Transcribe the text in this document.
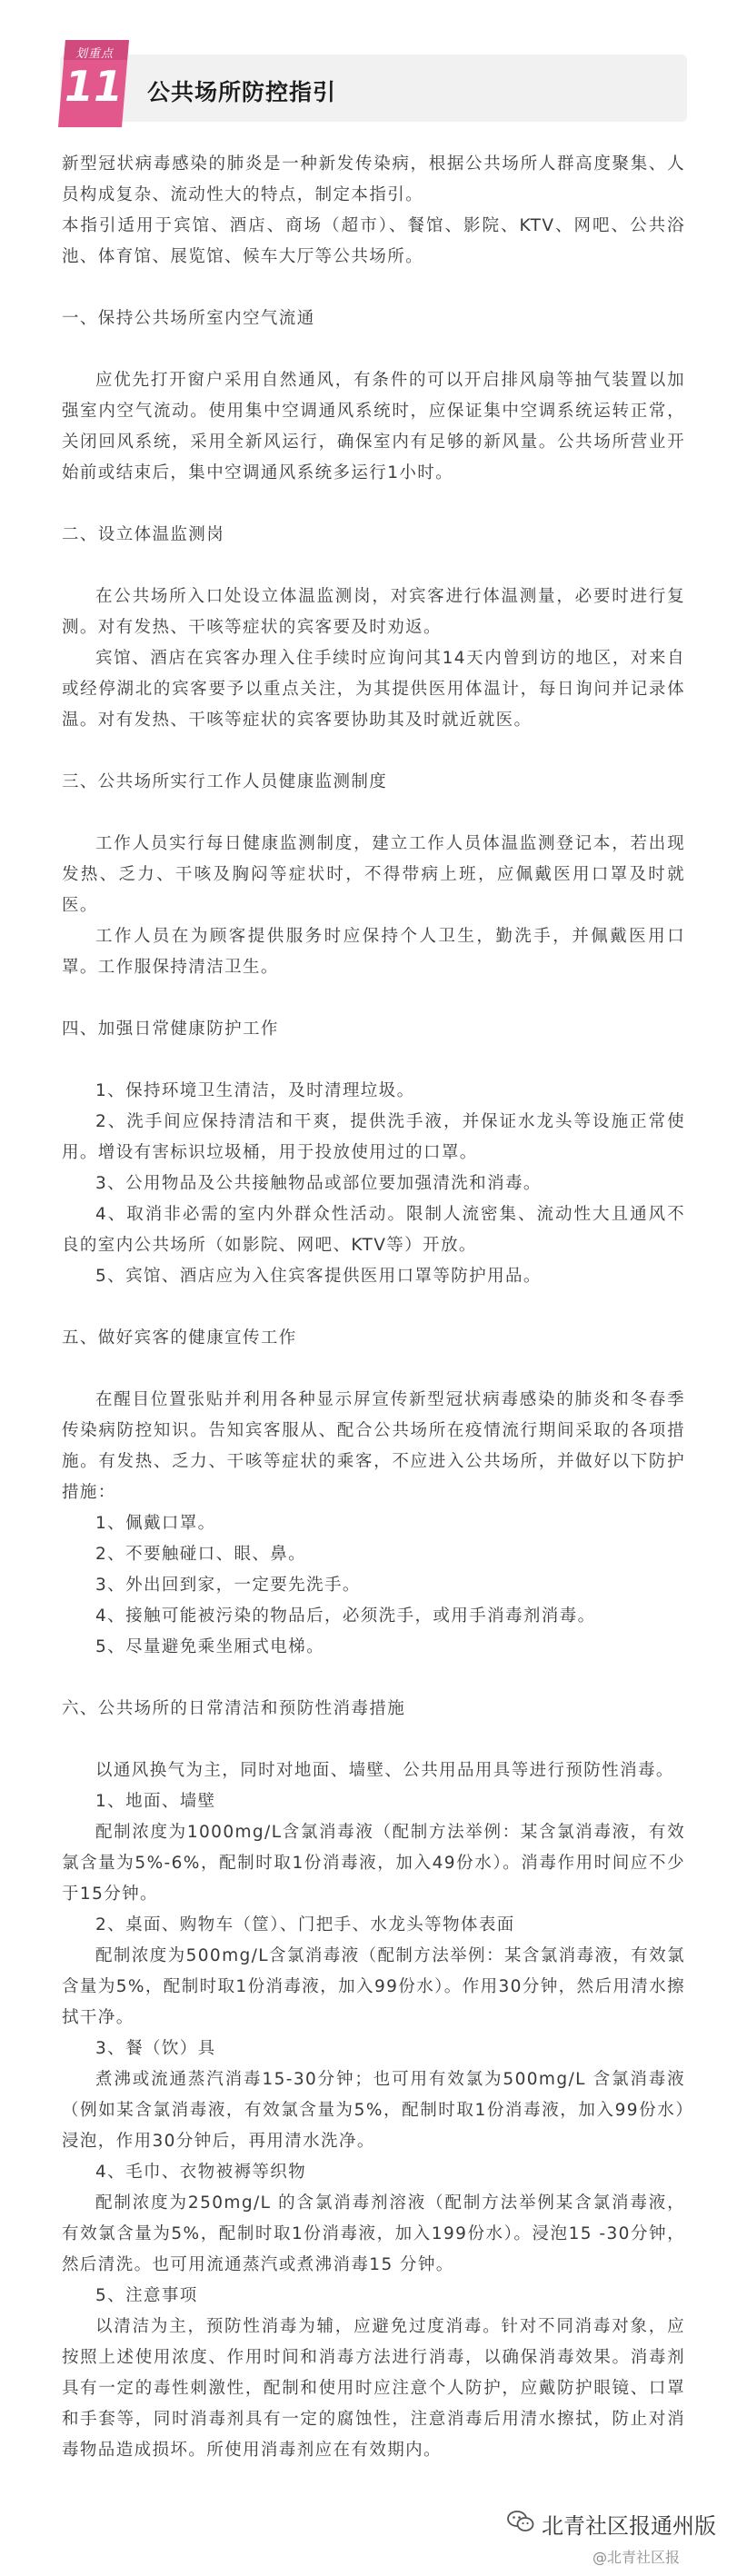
划重点
11 公共场所防控指引

新型冠状病毒感染的肺炎是一种新发传染病，根据公共场所人群高度聚集、人员构成复杂、流动性大的特点，制定本指引。

本指引适用于宾馆、酒店、商场（超市）、餐馆、影院、KTV、网吧、公共浴池、体育馆、展览馆、候车大厅等公共场所。

一、保持公共场所室内空气流通

应优先打开窗户采用自然通风，有条件的可以开启排风扇等抽气装置以加强室内空气流动。使用集中空调通风系统时，应保证集中空调系统运转正常，关闭回风系统，采用全新风运行，确保室内有足够的新风量。公共场所营业开始前或结束后，集中空调通风系统多运行1小时。

二、设立体温监测岗

在公共场所入口处设立体温监测岗，对宾客进行体温测量，必要时进行复测。对有发热、干咳等症状的宾客要及时劝返。

宾馆、酒店在宾客办理入住手续时应询问其14天内曾到访的地区，对来自或经停湖北的宾客要予以重点关注，为其提供医用体温计，每日询问并记录体温。对有发热、干咳等症状的宾客要协助其及时就近就医。

三、公共场所实行工作人员健康监测制度

工作人员实行每日健康监测制度，建立工作人员体温监测登记本，若出现发热、乏力、干咳及胸闷等症状时，不得带病上班，应佩戴医用口罩及时就医。

工作人员在为顾客提供服务时应保持个人卫生，勤洗手，并佩戴医用口罩。工作服保持清洁卫生。

四、加强日常健康防护工作

1、保持环境卫生清洁，及时清理垃圾。

2、洗手间应保持清洁和干爽，提供洗手液，并保证水龙头等设施正常使用。增设有害标识垃圾桶，用于投放使用过的口罩。

3、公用物品及公共接触物品或部位要加强清洗和消毒。

4、取消非必需的室内外群众性活动。限制人流密集、流动性大且通风不良的室内公共场所（如影院、网吧、KTV等）开放。

5、宾馆、酒店应为入住宾客提供医用口罩等防护用品。

五、做好宾客的健康宣传工作

在醒目位置张贴并利用各种显示屏宣传新型冠状病毒感染的肺炎和冬春季传染病防控知识。告知宾客服从、配合公共场所在疫情流行期间采取的各项措施。有发热、乏力、干咳等症状的乘客，不应进入公共场所，并做好以下防护措施：

1、佩戴口罩。

2、不要触碰口、眼、鼻。

3、外出回到家，一定要先洗手。

4、接触可能被污染的物品后，必须洗手，或用手消毒剂消毒。

5、尽量避免乘坐厢式电梯。

六、公共场所的日常清洁和预防性消毒措施

以通风换气为主，同时对地面、墙壁、公共用品用具等进行预防性消毒。

1、地面、墙壁

配制浓度为1000mg/L含氯消毒液（配制方法举例：某含氯消毒液，有效氯含量为5%-6%，配制时取1份消毒液，加入49份水）。消毒作用时间应不少于15分钟。

2、桌面、购物车（筐）、门把手、水龙头等物体表面

配制浓度为500mg/L含氯消毒液（配制方法举例：某含氯消毒液，有效氯含量为5%，配制时取1份消毒液，加入99份水）。作用30分钟，然后用清水擦拭干净。

3、餐（饮）具

煮沸或流通蒸汽消毒15-30分钟；也可用有效氯为500mg/L 含氯消毒液（例如某含氯消毒液，有效氯含量为5%，配制时取1份消毒液，加入99份水）浸泡，作用30分钟后，再用清水洗净。

4、毛巾、衣物被褥等织物

配制浓度为250mg/L 的含氯消毒剂溶液（配制方法举例某含氯消毒液，有效氯含量为5%，配制时取1份消毒液，加入199份水）。浸泡15 -30分钟，然后清洗。也可用流通蒸汽或煮沸消毒15 分钟。

5、注意事项

以清洁为主，预防性消毒为辅，应避免过度消毒。针对不同消毒对象，应按照上述使用浓度、作用时间和消毒方法进行消毒，以确保消毒效果。消毒剂具有一定的毒性刺激性，配制和使用时应注意个人防护，应戴防护眼镜、口罩和手套等，同时消毒剂具有一定的腐蚀性，注意消毒后用清水擦拭，防止对消毒物品造成损坏。所使用消毒剂应在有效期内。

北青社区报通州版
@北青社区报
